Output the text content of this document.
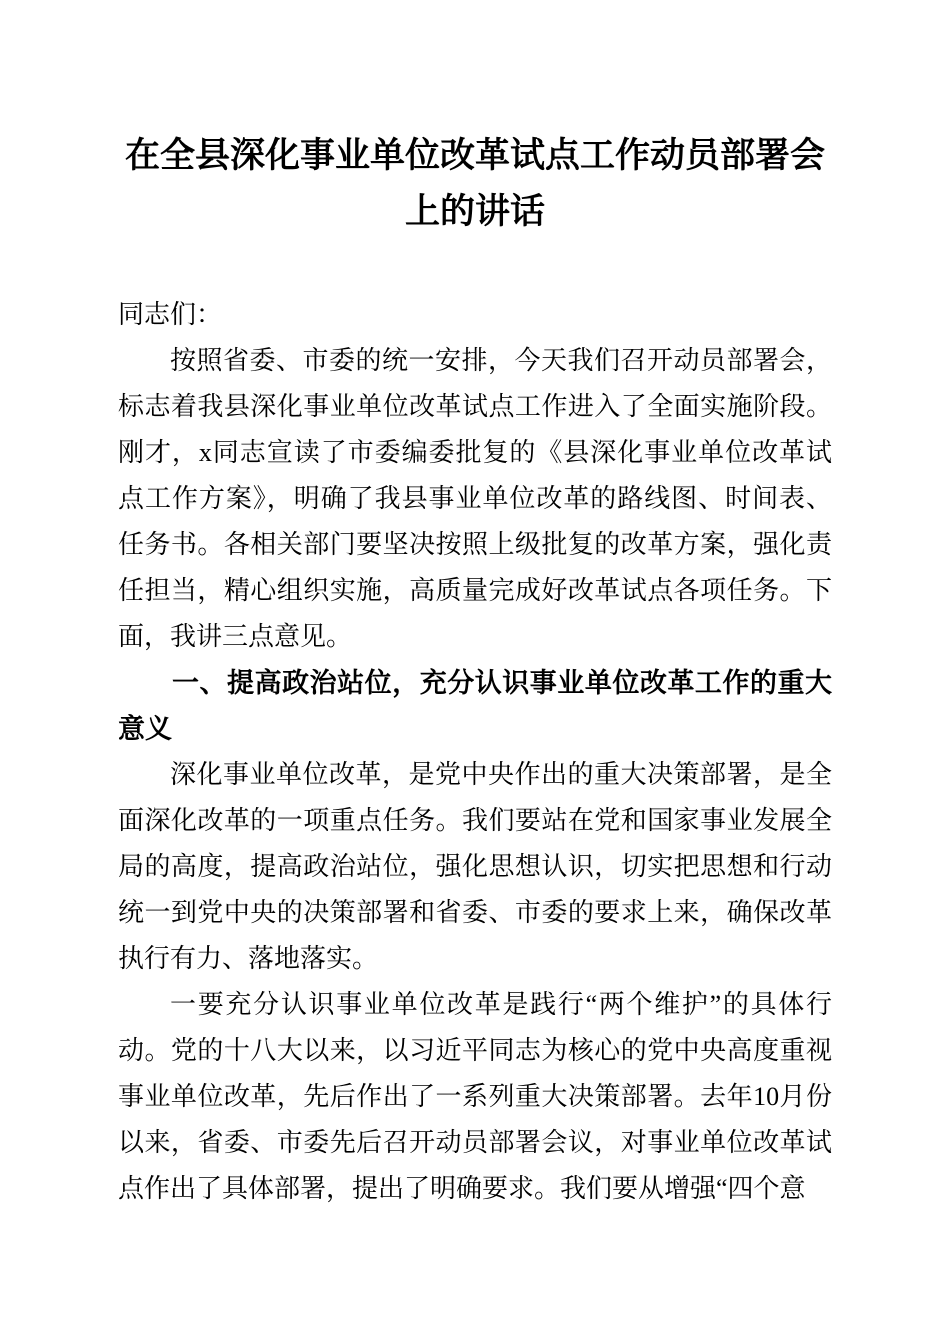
在全县深化事业单位改革试点工作动员部署会上的讲话

同志们：

按照省委、市委的统一安排，今天我们召开动员部署会，标志着我县深化事业单位改革试点工作进入了全面实施阶段。刚才，x同志宣读了市委编委批复的《县深化事业单位改革试点工作方案》，明确了我县事业单位改革的路线图、时间表、任务书。各相关部门要坚决按照上级批复的改革方案，强化责任担当，精心组织实施，高质量完成好改革试点各项任务。下面，我讲三点意见。

一、提高政治站位，充分认识事业单位改革工作的重大意义

深化事业单位改革，是党中央作出的重大决策部署，是全面深化改革的一项重点任务。我们要站在党和国家事业发展全局的高度，提高政治站位，强化思想认识，切实把思想和行动统一到党中央的决策部署和省委、市委的要求上来，确保改革执行有力、落地落实。

一要充分认识事业单位改革是践行“两个维护”的具体行动。党的十八大以来，以习近平同志为核心的党中央高度重视事业单位改革，先后作出了一系列重大决策部署。去年10月份以来，省委、市委先后召开动员部署会议，对事业单位改革试点作出了具体部署，提出了明确要求。我们要从增强“四个意
